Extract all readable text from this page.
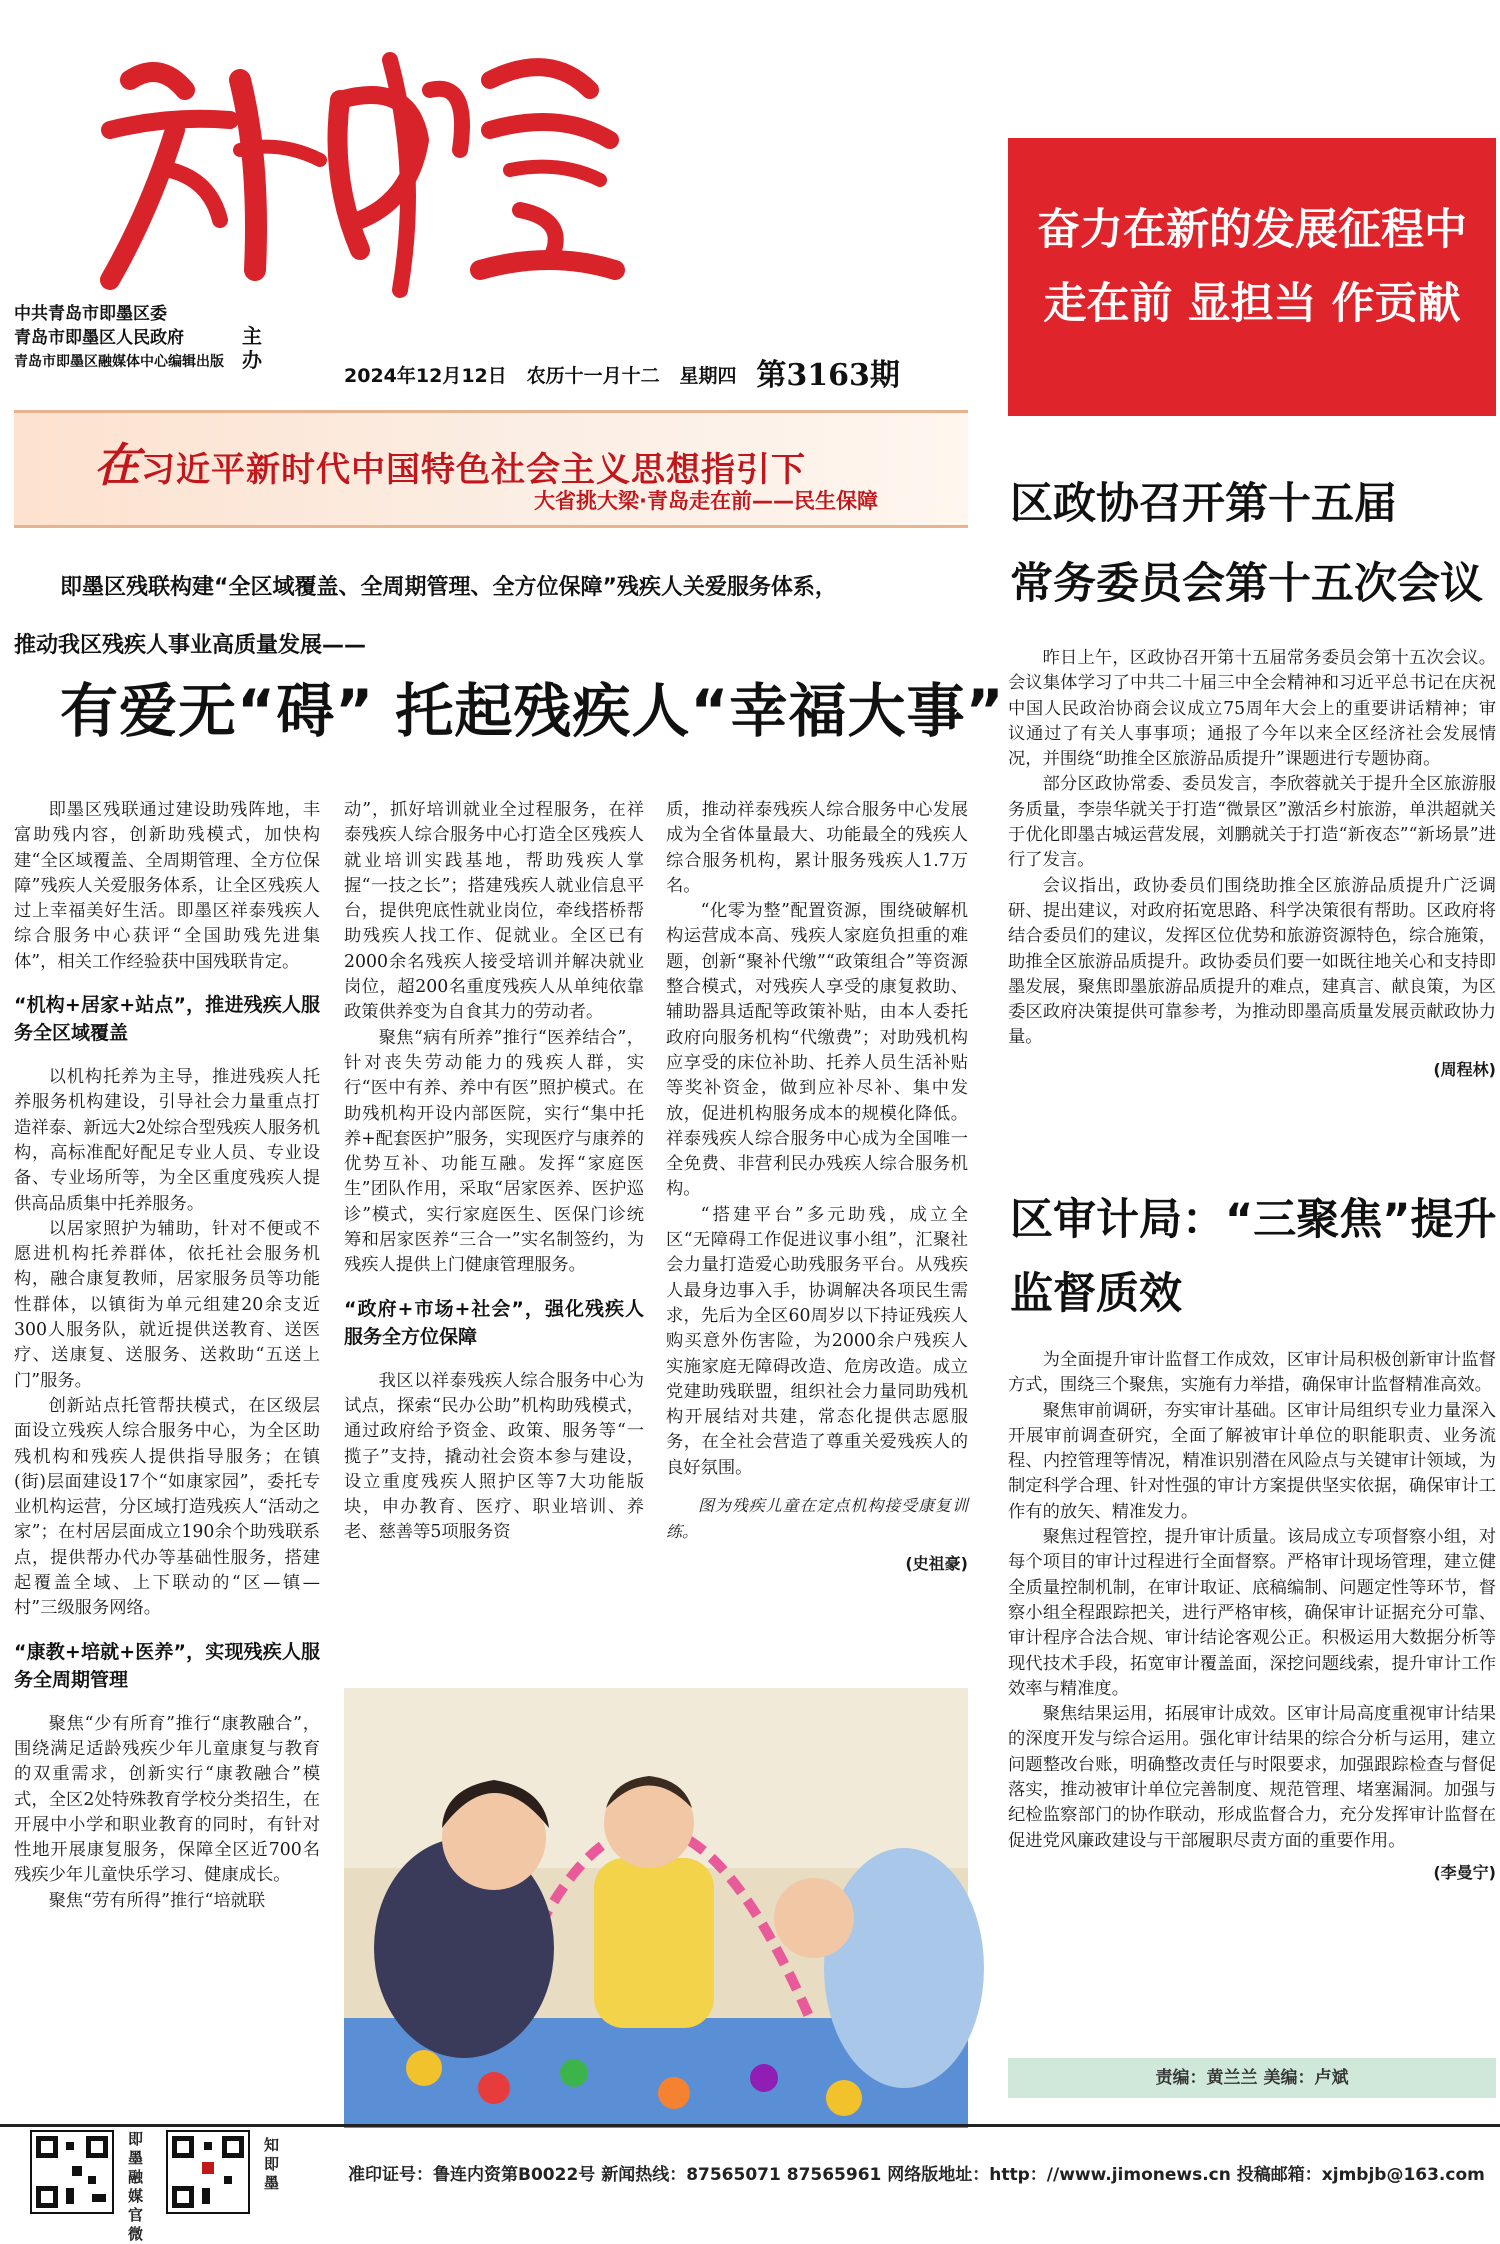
中共青岛市即墨区委
青岛市即墨区人民政府
青岛市即墨区融媒体中心编辑出版
主办
2024年12月12日 农历十一月十二 星期四 第3163期
奋力在新的发展征程中
走在前 显担当 作贡献
在习近平新时代中国特色社会主义思想指引下
大省挑大梁·青岛走在前——民生保障
即墨区残联构建“全区域覆盖、全周期管理、全方位保障”残疾人关爱服务体系，
推动我区残疾人事业高质量发展——
有爱无“碍” 托起残疾人“幸福大事”

即墨区残联通过建设助残阵地，丰富助残内容，创新助残模式，加快构建“全区域覆盖、全周期管理、全方位保障”残疾人关爱服务体系，让全区残疾人过上幸福美好生活。即墨区祥泰残疾人综合服务中心获评“全国助残先进集体”，相关工作经验获中国残联肯定。

“机构+居家+站点”，推进残疾人服务全区域覆盖

以机构托养为主导，推进残疾人托养服务机构建设，引导社会力量重点打造祥泰、新远大2处综合型残疾人服务机构，高标准配好配足专业人员、专业设备、专业场所等，为全区重度残疾人提供高品质集中托养服务。

以居家照护为辅助，针对不便或不愿进机构托养群体，依托社会服务机构，融合康复教师，居家服务员等功能性群体，以镇街为单元组建20余支近300人服务队，就近提供送教育、送医疗、送康复、送服务、送救助“五送上门”服务。

创新站点托管帮扶模式，在区级层面设立残疾人综合服务中心，为全区助残机构和残疾人提供指导服务；在镇(街)层面建设17个“如康家园”，委托专业机构运营，分区域打造残疾人“活动之家”；在村居层面成立190余个助残联系点，提供帮办代办等基础性服务，搭建起覆盖全域、上下联动的“区—镇—村”三级服务网络。

“康教+培就+医养”，实现残疾人服务全周期管理

聚焦“少有所育”推行“康教融合”，围绕满足适龄残疾少年儿童康复与教育的双重需求，创新实行“康教融合”模式，全区2处特殊教育学校分类招生，在开展中小学和职业教育的同时，有针对性地开展康复服务，保障全区近700名残疾少年儿童快乐学习、健康成长。

聚焦“劳有所得”推行“培就联

动”，抓好培训就业全过程服务，在祥泰残疾人综合服务中心打造全区残疾人就业培训实践基地，帮助残疾人掌握“一技之长”；搭建残疾人就业信息平台，提供兜底性就业岗位，牵线搭桥帮助残疾人找工作、促就业。全区已有2000余名残疾人接受培训并解决就业岗位，超200名重度残疾人从单纯依靠政策供养变为自食其力的劳动者。

聚焦“病有所养”推行“医养结合”，针对丧失劳动能力的残疾人群，实行“医中有养、养中有医”照护模式。在助残机构开设内部医院，实行“集中托养+配套医护”服务，实现医疗与康养的优势互补、功能互融。发挥“家庭医生”团队作用，采取“居家医养、医护巡诊”模式，实行家庭医生、医保门诊统筹和居家医养“三合一”实名制签约，为残疾人提供上门健康管理服务。

“政府+市场+社会”，强化残疾人服务全方位保障

我区以祥泰残疾人综合服务中心为试点，探索“民办公助”机构助残模式，通过政府给予资金、政策、服务等“一揽子”支持，撬动社会资本参与建设，设立重度残疾人照护区等7大功能版块，申办教育、医疗、职业培训、养老、慈善等5项服务资

质，推动祥泰残疾人综合服务中心发展成为全省体量最大、功能最全的残疾人综合服务机构，累计服务残疾人1.7万名。

“化零为整”配置资源，围绕破解机构运营成本高、残疾人家庭负担重的难题，创新“聚补代缴”“政策组合”等资源整合模式，对残疾人享受的康复救助、辅助器具适配等政策补贴，由本人委托政府向服务机构“代缴费”；对助残机构应享受的床位补助、托养人员生活补贴等奖补资金，做到应补尽补、集中发放，促进机构服务成本的规模化降低。祥泰残疾人综合服务中心成为全国唯一全免费、非营利民办残疾人综合服务机构。

“搭建平台”多元助残，成立全区“无障碍工作促进议事小组”，汇聚社会力量打造爱心助残服务平台。从残疾人最身边事入手，协调解决各项民生需求，先后为全区60周岁以下持证残疾人购买意外伤害险，为2000余户残疾人实施家庭无障碍改造、危房改造。成立党建助残联盟，组织社会力量同助残机构开展结对共建，常态化提供志愿服务，在全社会营造了尊重关爱残疾人的良好氛围。

图为残疾儿童在定点机构接受康复训练。
(史祖豪)
区政协召开第十五届
常务委员会第十五次会议

昨日上午，区政协召开第十五届常务委员会第十五次会议。会议集体学习了中共二十届三中全会精神和习近平总书记在庆祝中国人民政治协商会议成立75周年大会上的重要讲话精神；审议通过了有关人事事项；通报了今年以来全区经济社会发展情况，并围绕“助推全区旅游品质提升”课题进行专题协商。

部分区政协常委、委员发言，李欣蓉就关于提升全区旅游服务质量，李崇华就关于打造“微景区”激活乡村旅游，单洪超就关于优化即墨古城运营发展，刘鹏就关于打造“新夜态”“新场景”进行了发言。

会议指出，政协委员们围绕助推全区旅游品质提升广泛调研、提出建议，对政府拓宽思路、科学决策很有帮助。区政府将结合委员们的建议，发挥区位优势和旅游资源特色，综合施策，助推全区旅游品质提升。政协委员们要一如既往地关心和支持即墨发展，聚焦即墨旅游品质提升的难点，建真言、献良策，为区委区政府决策提供可靠参考，为推动即墨高质量发展贡献政协力量。

(周程林)
区审计局：“三聚焦”提升
监督质效

为全面提升审计监督工作成效，区审计局积极创新审计监督方式，围绕三个聚焦，实施有力举措，确保审计监督精准高效。

聚焦审前调研，夯实审计基础。区审计局组织专业力量深入开展审前调查研究，全面了解被审计单位的职能职责、业务流程、内控管理等情况，精准识别潜在风险点与关键审计领域，为制定科学合理、针对性强的审计方案提供坚实依据，确保审计工作有的放矢、精准发力。

聚焦过程管控，提升审计质量。该局成立专项督察小组，对每个项目的审计过程进行全面督察。严格审计现场管理，建立健全质量控制机制，在审计取证、底稿编制、问题定性等环节，督察小组全程跟踪把关，进行严格审核，确保审计证据充分可靠、审计程序合法合规、审计结论客观公正。积极运用大数据分析等现代技术手段，拓宽审计覆盖面，深挖问题线索，提升审计工作效率与精准度。

聚焦结果运用，拓展审计成效。区审计局高度重视审计结果的深度开发与综合运用。强化审计结果的综合分析与运用，建立问题整改台账，明确整改责任与时限要求，加强跟踪检查与督促落实，推动被审计单位完善制度、规范管理、堵塞漏洞。加强与纪检监察部门的协作联动，形成监督合力，充分发挥审计监督在促进党风廉政建设与干部履职尽责方面的重要作用。

(李曼宁)
责编：黄兰兰 美编：卢斌
即墨融媒官微
知即墨	准印证号：鲁连内资第B0022号 新闻热线：87565071 87565961 网络版地址：http：//www.jimonews.cn 投稿邮箱：xjmbjb@163.com
